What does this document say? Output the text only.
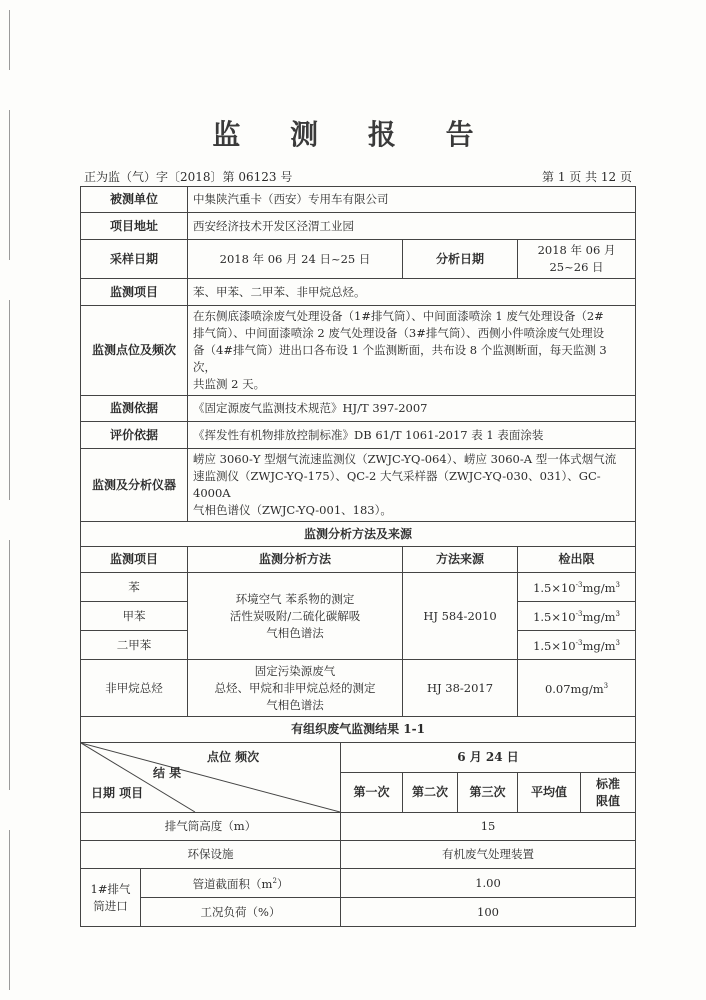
监 测 报 告
正为监（气）字〔2018〕第 06123 号	第 1 页 共 12 页
被测单位		中集陕汽重卡（西安）专用车有限公司					
项目地址		西安经济技术开发区泾渭工业园					
采样日期		2018 年 06 月 24 日~25 日		分析日期		2018 年 06 月 25~26 日	
监测项目		苯、甲苯、二甲苯、非甲烷总烃。					
监测点位及频次		在东侧底漆喷涂废气处理设备（1#排气筒）、中间面漆喷涂 1 废气处理设备（2#
排气筒）、中间面漆喷涂 2 废气处理设备（3#排气筒）、西侧小件喷涂废气处理设
备（4#排气筒）进出口各布设 1 个监测断面，共布设 8 个监测断面，每天监测 3 次，
共监测 2 天。					

监测依据		《固定源废气监测技术规范》HJ/T 397-2007					
评价依据		《挥发性有机物排放控制标准》DB 61/T 1061-2017 表 1 表面涂装					
监测及分析仪器		崂应 3060-Y 型烟气流速监测仪（ZWJC-YQ-064）、崂应 3060-A 型一体式烟气流
速监测仪（ZWJC-YQ-175）、QC-2 大气采样器（ZWJC-YQ-030、031）、GC-4000A
气相色谱仪（ZWJC-YQ-001、183）。					

监测分析方法及来源							
监测项目		监测分析方法		方法来源		检出限	
苯		环境空气 苯系物的测定
活性炭吸附/二硫化碳解吸
气相色谱法		HJ 584-2010		$1.5\times 10^{-3}mg/m^3$
甲苯						$1.5\times 10^{-3}mg/m^3$
二甲苯						$1.5\times 10^{-3}mg/m^3$
非甲烷总烃		固定污染源废气
总烃、甲烷和非甲烷总烃的测定
气相色谱法		HJ 38-2017		$0.07mg/m^3$
有组织废气监测结果 1-1							

点位 频次
结 果
日期 项目			6 月 24 日				
			第一次	第二次	第三次	平均值	标准
限值

排气筒高度（m）			15				
环保设施			有机废气处理装置				

1#排气
筒进口	管道截面积$(m^2)$		1.00				
	工况负荷（%）		100				
